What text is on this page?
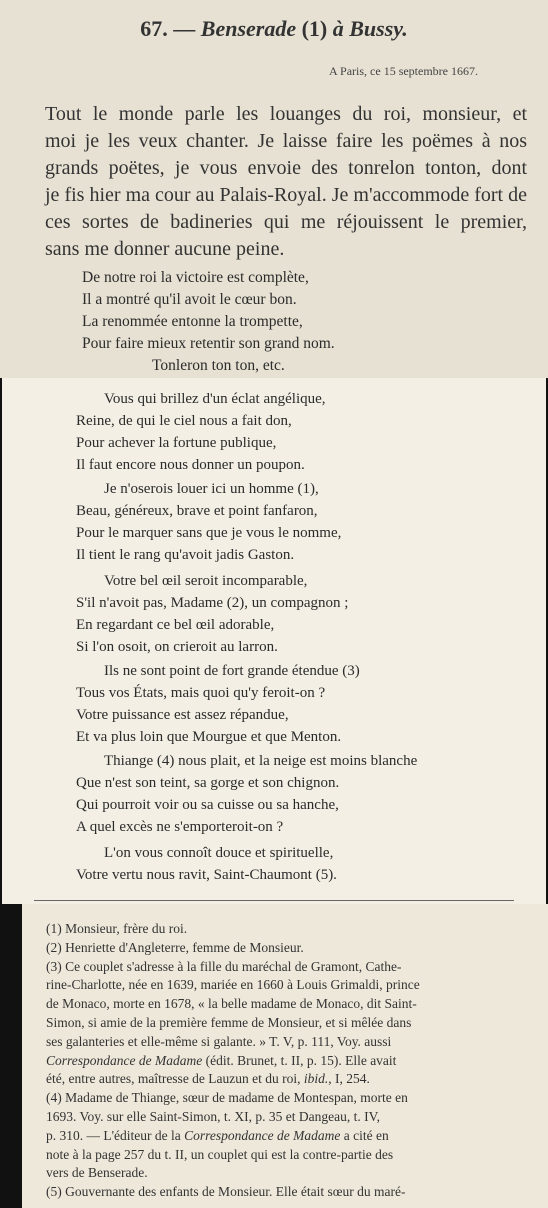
67. — Benserade (1) à Bussy.
A Paris, ce 15 septembre 1667.
Tout le monde parle les louanges du roi, monsieur, et
moi je les veux chanter. Je laisse faire les poëmes à nos
grands poëtes, je vous envoie des tonrelon tonton, dont
je fis hier ma cour au Palais-Royal. Je m'accommode fort de
ces sortes de badineries qui me réjouissent le premier,
sans me donner aucune peine.
De notre roi la victoire est complète,
Il a montré qu'il avoit le cœur bon.
La renommée entonne la trompette,
Pour faire mieux retentir son grand nom.
Tonleron ton ton, etc.
Vous qui brillez d'un éclat angélique,
Reine, de qui le ciel nous a fait don,
Pour achever la fortune publique,
Il faut encore nous donner un poupon.
Je n'oserois louer ici un homme (1),
Beau, généreux, brave et point fanfaron,
Pour le marquer sans que je vous le nomme,
Il tient le rang qu'avoit jadis Gaston.
Votre bel œil seroit incomparable,
S'il n'avoit pas, Madame (2), un compagnon ;
En regardant ce bel œil adorable,
Si l'on osoit, on crieroit au larron.
Ils ne sont point de fort grande étendue (3)
Tous vos États, mais quoi qu'y feroit-on ?
Votre puissance est assez répandue,
Et va plus loin que Mourgue et que Menton.
Thiange (4) nous plait, et la neige est moins blanche
Que n'est son teint, sa gorge et son chignon.
Qui pourroit voir ou sa cuisse ou sa hanche,
A quel excès ne s'emporteroit-on ?
L'on vous connoît douce et spirituelle,
Votre vertu nous ravit, Saint-Chaumont (5).
(1) Monsieur, frère du roi.
(2) Henriette d'Angleterre, femme de Monsieur.
(3) Ce couplet s'adresse à la fille du maréchal de Gramont, Cathe-
rine-Charlotte, née en 1639, mariée en 1660 à Louis Grimaldi, prince
de Monaco, morte en 1678, « la belle madame de Monaco, dit Saint-
Simon, si amie de la première femme de Monsieur, et si mêlée dans
ses galanteries et elle-même si galante. » T. V, p. 111, Voy. aussi
Correspondance de Madame (édit. Brunet, t. II, p. 15). Elle avait
été, entre autres, maîtresse de Lauzun et du roi, ibid., I, 254.
(4) Madame de Thiange, sœur de madame de Montespan, morte en
1693. Voy. sur elle Saint-Simon, t. XI, p. 35 et Dangeau, t. IV,
p. 310. — L'éditeur de la Correspondance de Madame a cité en
note à la page 257 du t. II, un couplet qui est la contre-partie des
vers de Benserade.
(5) Gouvernante des enfants de Monsieur. Elle était sœur du maré-
